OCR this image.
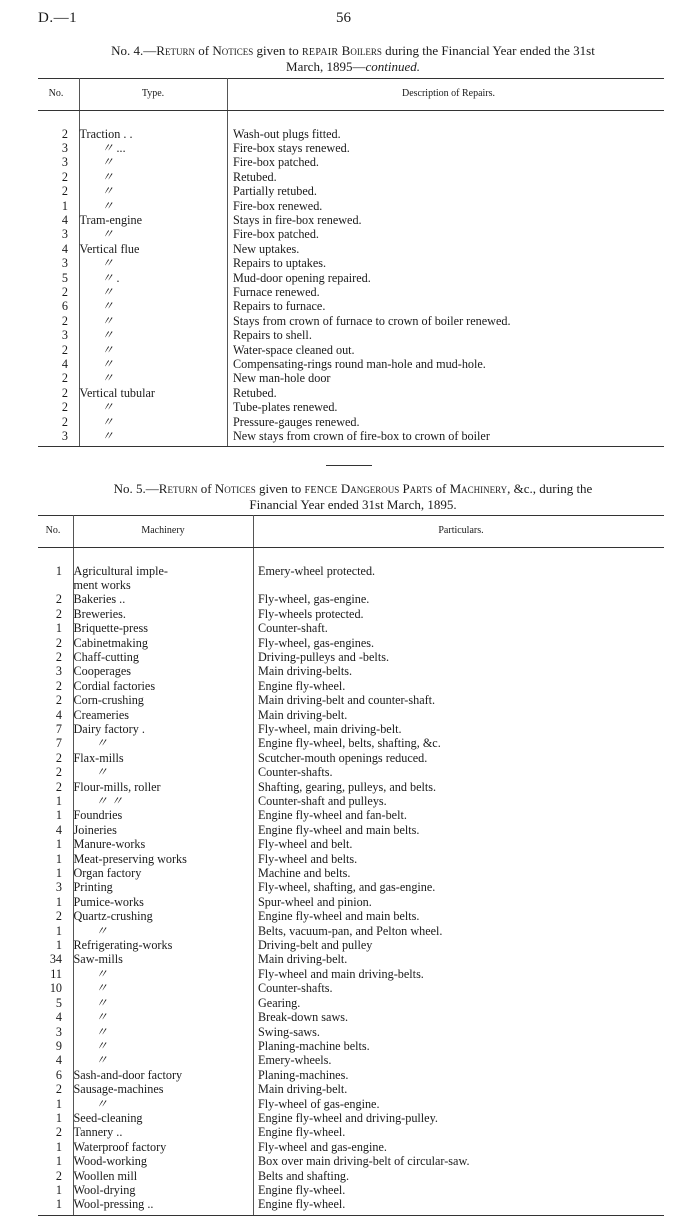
D.—1	56
No. 4.—Return of Notices given to REPAIR Boilers during the Financial Year ended the 31st
March, 1895—continued.
No.		Type.		Description of Repairs.

2		Traction . .		Wash-out plugs fitted.
3		〃 ...		Fire-box stays renewed.
3		〃		Fire-box patched.
2		〃		Retubed.
2		〃		Partially retubed.
1		〃		Fire-box renewed.
4		Tram-engine		Stays in fire-box renewed.
3		〃		Fire-box patched.
4		Vertical flue		New uptakes.
3		〃		Repairs to uptakes.
5		〃 .		Mud-door opening repaired.
2		〃		Furnace renewed.
6		〃		Repairs to furnace.
2		〃		Stays from crown of furnace to crown of boiler renewed.
3		〃		Repairs to shell.
2		〃		Water-space cleaned out.
4		〃		Compensating-rings round man-hole and mud-hole.
2		〃		New man-hole door
2		Vertical tubular		Retubed.
2		〃		Tube-plates renewed.
2		〃		Pressure-gauges renewed.
3		〃		New stays from crown of fire-box to crown of boiler
No. 5.—Return of Notices given to FENCE Dangerous Parts of Machinery, &c., during the
Financial Year ended 31st March, 1895.
No.		Machinery		Particulars.

1		Agricultural imple-		Emery-wheel protected.
		ment works		
2		Bakeries ..		Fly-wheel, gas-engine.
2		Breweries.		Fly-wheels protected.
1		Briquette-press		Counter-shaft.
2		Cabinetmaking		Fly-wheel, gas-engines.
2		Chaff-cutting		Driving-pulleys and -belts.
3		Cooperages		Main driving-belts.
2		Cordial factories		Engine fly-wheel.
2		Corn-crushing		Main driving-belt and counter-shaft.
4		Creameries		Main driving-belt.
7		Dairy factory .		Fly-wheel, main driving-belt.
7		〃		Engine fly-wheel, belts, shafting, &c.
2		Flax-mills		Scutcher-mouth openings reduced.
2		〃		Counter-shafts.
2		Flour-mills, roller		Shafting, gearing, pulleys, and belts.
1		〃 〃		Counter-shaft and pulleys.
1		Foundries		Engine fly-wheel and fan-belt.
4		Joineries		Engine fly-wheel and main belts.
1		Manure-works		Fly-wheel and belt.
1		Meat-preserving works		Fly-wheel and belts.
1		Organ factory		Machine and belts.
3		Printing		Fly-wheel, shafting, and gas-engine.
1		Pumice-works		Spur-wheel and pinion.
2		Quartz-crushing		Engine fly-wheel and main belts.
1		〃		Belts, vacuum-pan, and Pelton wheel.
1		Refrigerating-works		Driving-belt and pulley
34		Saw-mills		Main driving-belt.
11		〃		Fly-wheel and main driving-belts.
10		〃		Counter-shafts.
5		〃		Gearing.
4		〃		Break-down saws.
3		〃		Swing-saws.
9		〃		Planing-machine belts.
4		〃		Emery-wheels.
6		Sash-and-door factory		Planing-machines.
2		Sausage-machines		Main driving-belt.
1		〃		Fly-wheel of gas-engine.
1		Seed-cleaning		Engine fly-wheel and driving-pulley.
2		Tannery ..		Engine fly-wheel.
1		Waterproof factory		Fly-wheel and gas-engine.
1		Wood-working		Box over main driving-belt of circular-saw.
2		Woollen mill		Belts and shafting.
1		Wool-drying		Engine fly-wheel.
1		Wool-pressing ..		Engine fly-wheel.
